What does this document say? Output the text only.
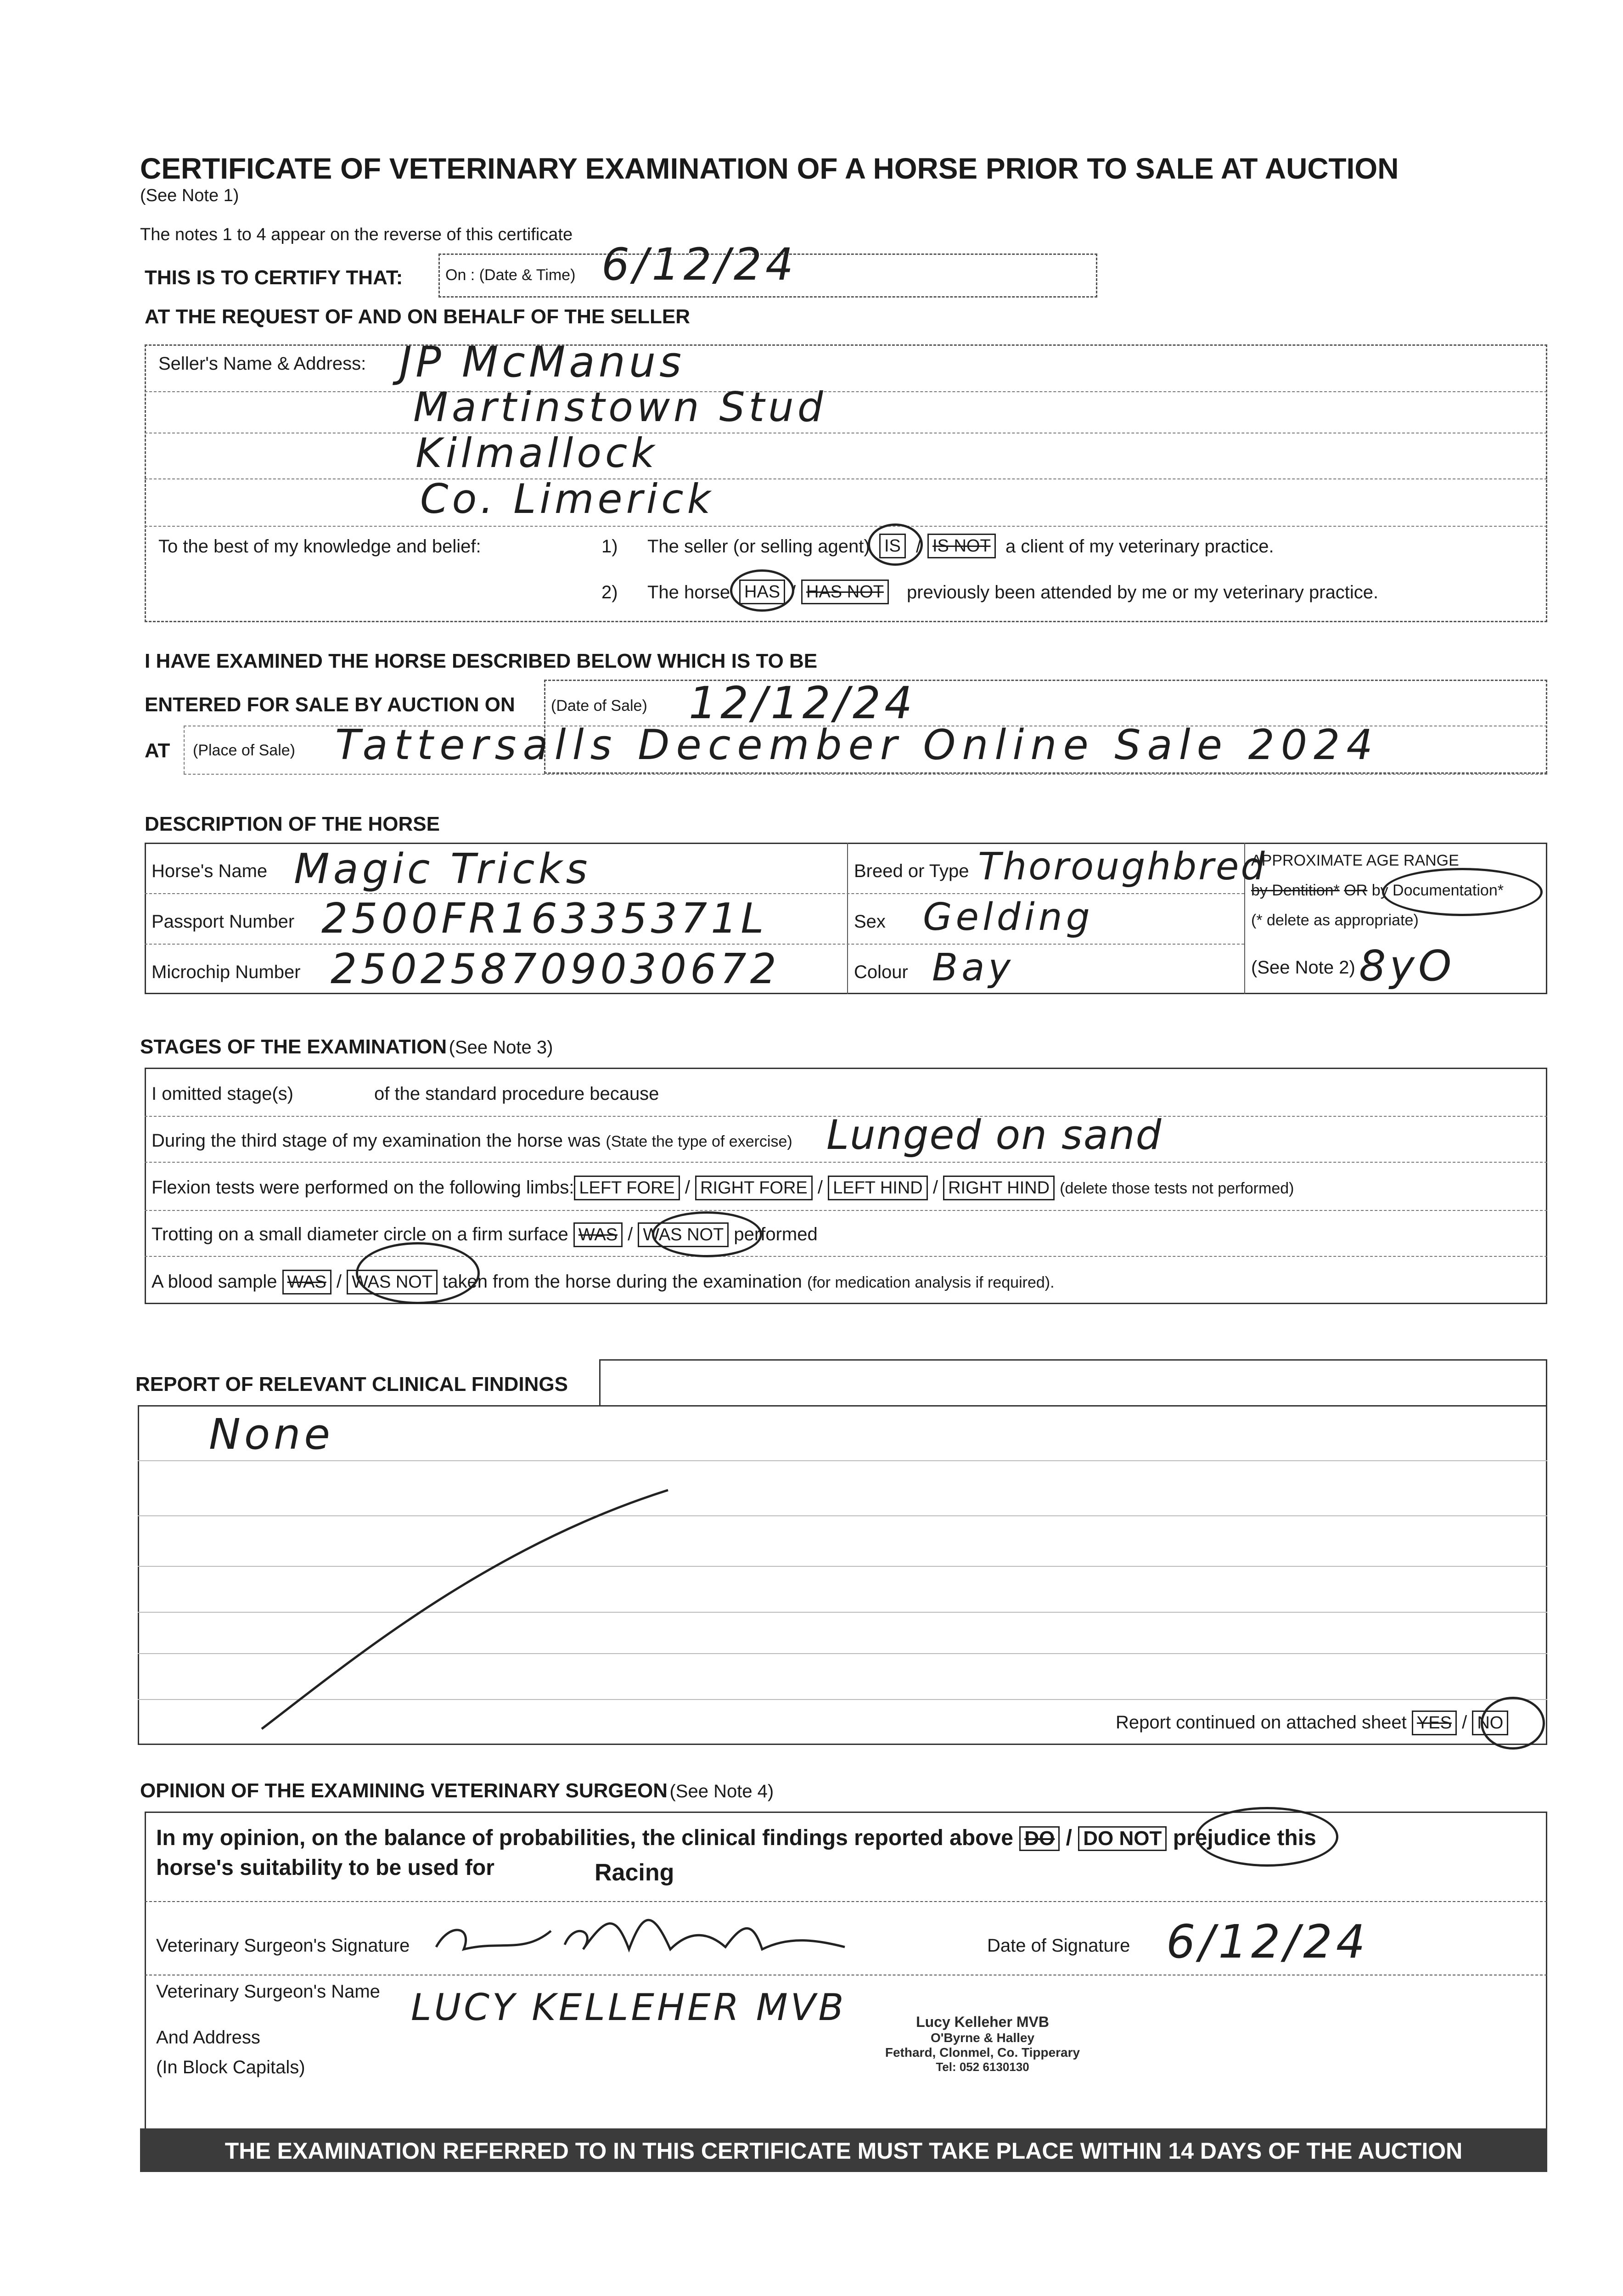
CERTIFICATE OF VETERINARY EXAMINATION OF A HORSE PRIOR TO SALE AT AUCTION
(See Note 1)
The notes 1 to 4 appear on the reverse of this certificate
THIS IS TO CERTIFY THAT:	On : (Date & Time) 6/12/24
AT THE REQUEST OF AND ON BEHALF OF THE SELLER
Seller's Name & Address: JP McManus
Martinstown Stud
Kilmallock
Co. Limerick
To the best of my knowledge and belief:	1) The seller (or selling agent) IS / IS NOT a client of my veterinary practice.
2) The horse HAS / HAS NOT previously been attended by me or my veterinary practice.
I HAVE EXAMINED THE HORSE DESCRIBED BELOW WHICH IS TO BE
ENTERED FOR SALE BY AUCTION ON (Date of Sale) 12/12/24
AT (Place of Sale) Tattersalls December Online Sale 2024
DESCRIPTION OF THE HORSE
Horse's Name Magic Tricks
Passport Number 2500FR16335371L
Microchip Number 250258709030672
Breed or Type Thoroughbred
Sex Gelding
Colour Bay
APPROXIMATE AGE RANGE
by Dentition* OR by Documentation*
(* delete as appropriate)
(See Note 2) 8yO
STAGES OF THE EXAMINATION (See Note 3)
I omitted stage(s)	of the standard procedure because
During the third stage of my examination the horse was (State the type of exercise) Lunged on sand
Flexion tests were performed on the following limbs: LEFT FORE / RIGHT FORE / LEFT HIND / RIGHT HIND (delete those tests not performed)
Trotting on a small diameter circle on a firm surface WAS / WAS NOT performed
A blood sample WAS / WAS NOT taken from the horse during the examination (for medication analysis if required).
REPORT OF RELEVANT CLINICAL FINDINGS
None
Report continued on attached sheet YES / NO
OPINION OF THE EXAMINING VETERINARY SURGEON (See Note 4)
In my opinion, on the balance of probabilities, the clinical findings reported above DO / DO NOT prejudice this
horse's suitability to be used for	Racing
Veterinary Surgeon's Signature
L Kelleher
Date of Signature 6/12/24
Veterinary Surgeon's Name LUCY KELLEHER MVB
And Address
(In Block Capitals)
Lucy Kelleher MVB
O'Byrne & Halley
Fethard, Clonmel, Co. Tipperary
Tel: 052 6130130
THE EXAMINATION REFERRED TO IN THIS CERTIFICATE MUST TAKE PLACE WITHIN 14 DAYS OF THE AUCTION
